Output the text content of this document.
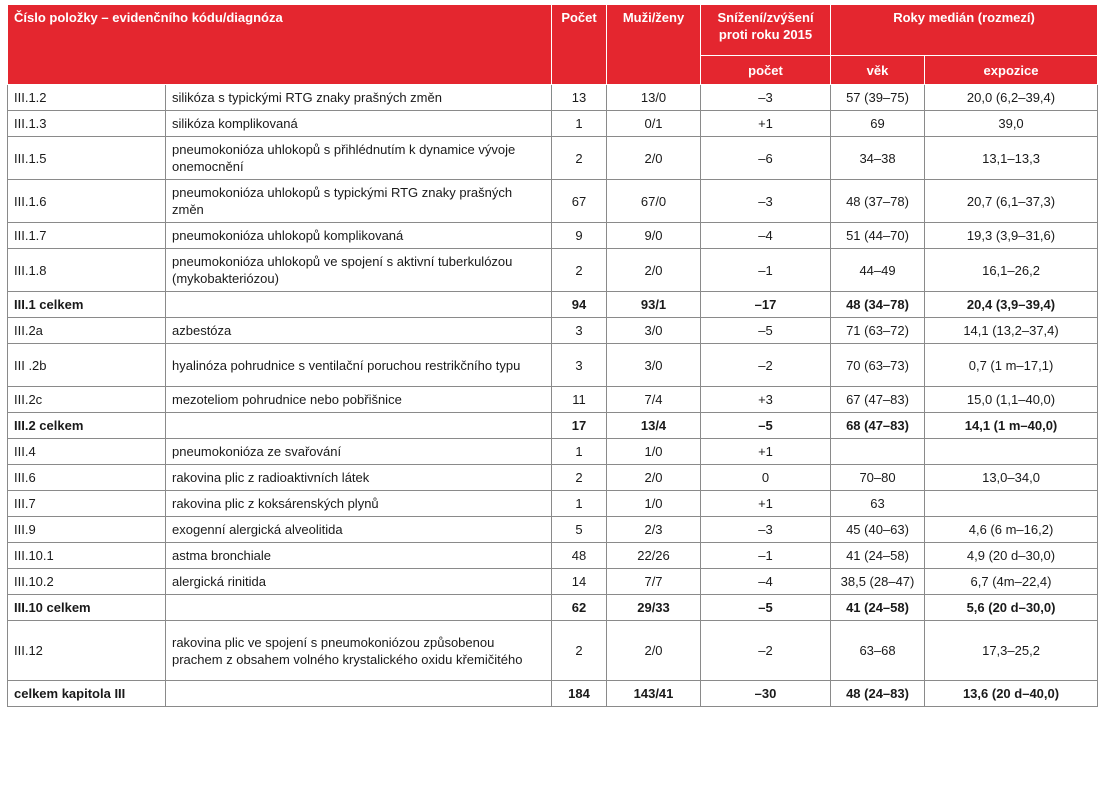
Číslo položky – evidenčního kódu/diagnóza		Počet	Muži/ženy	Snížení/zvýšení proti roku 2015	Roky medián (rozmezí)	
				počet	věk	expozice
III.1.2	silikóza s typickými RTG znaky prašných změn	13	13/0	–3	57 (39–75)	20,0 (6,2–39,4)
III.1.3	silikóza komplikovaná	1	0/1	+1	69	39,0
III.1.5	pneumokonióza uhlokopů s přihlédnutím k dynamice vývoje onemocnění	2	2/0	–6	34–38	13,1–13,3
III.1.6	pneumokonióza uhlokopů s typickými RTG znaky prašných změn	67	67/0	–3	48 (37–78)	20,7 (6,1–37,3)
III.1.7	pneumokonióza uhlokopů komplikovaná	9	9/0	–4	51 (44–70)	19,3 (3,9–31,6)
III.1.8	pneumokonióza uhlokopů ve spojení s aktivní tuberkulózou (mykobakteriózou)	2	2/0	–1	44–49	16,1–26,2
III.1 celkem		94	93/1	–17	48 (34–78)	20,4 (3,9–39,4)
III.2a	azbestóza	3	3/0	–5	71 (63–72)	14,1 (13,2–37,4)
III .2b	hyalinóza pohrudnice s ventilační poruchou restrikčního typu	3	3/0	–2	70 (63–73)	0,7 (1 m–17,1)
III.2c	mezoteliom pohrudnice nebo pobřišnice	11	7/4	+3	67 (47–83)	15,0 (1,1–40,0)
III.2 celkem		17	13/4	–5	68 (47–83)	14,1 (1 m–40,0)
III.4	pneumokonióza ze svařování	1	1/0	+1		
III.6	rakovina plic z radioaktivních látek	2	2/0	0	70–80	13,0–34,0
III.7	rakovina plic z koksárenských plynů	1	1/0	+1	63	
III.9	exogenní alergická alveolitida	5	2/3	–3	45 (40–63)	4,6 (6 m–16,2)
III.10.1	astma bronchiale	48	22/26	–1	41 (24–58)	4,9 (20 d–30,0)
III.10.2	alergická rinitida	14	7/7	–4	38,5 (28–47)	6,7 (4m–22,4)
III.10 celkem		62	29/33	–5	41 (24–58)	5,6 (20 d–30,0)
III.12	rakovina plic ve spojení s pneumokoniózou způsobenou prachem z obsahem volného krystalického oxidu křemičitého	2	2/0	–2	63–68	17,3–25,2
celkem kapitola III		184	143/41	–30	48 (24–83)	13,6 (20 d–40,0)
